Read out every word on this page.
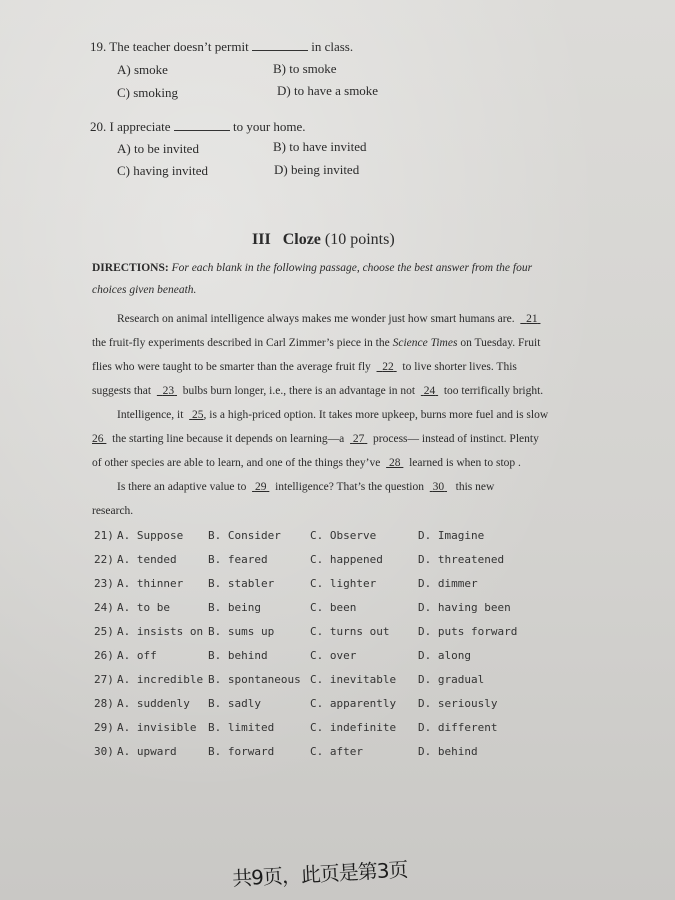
19. The teacher doesn’t permit	in class.
A) smoke	B) to smoke
C) smoking	D) to have a smoke
20. I appreciate	to your home.
A) to be invited	B) to have invited
C) having invited	D) being invited
III Cloze (10 points)
DIRECTIONS: For each blank in the following passage, choose the best answer from the four
choices given beneath.
Research on animal intelligence always makes me wonder just how smart humans are. 21
the fruit-fly experiments described in Carl Zimmer’s piece in the Science Times on Tuesday. Fruit
flies who were taught to be smarter than the average fruit fly 22 to live shorter lives. This
suggests that 23 bulbs burn longer, i.e., there is an advantage in not 24 too terrifically bright.
Intelligence, it 25, is a high-priced option. It takes more upkeep, burns more fuel and is slow
26 the starting line because it depends on learning—a 27 process— instead of instinct. Plenty
of other species are able to learn, and one of the things they’ve 28 learned is when to stop .
Is there an adaptive value to 29 intelligence? That’s the question 30 this new
research.
21) A. Suppose B. Consider	C. Observe	D. Imagine
22) A. tended	B. feared	C. happened	D. threatened
23) A. thinner B. stabler	C. lighter	D. dimmer
24) A. to be	B. being	C. been	D. having been
25) A. insists on B. sums up	C. turns out	D. puts forward
26) A. off	B. behind	C. over	D. along
27) A. incredible B. spontaneous C. inevitable D. gradual
28) A. suddenly B. sadly	C. apparently D. seriously
29) A. invisible B. limited	C. indefinite D. different
30) A. upward	B. forward	C. after	D. behind
共9页，此页是第3页
